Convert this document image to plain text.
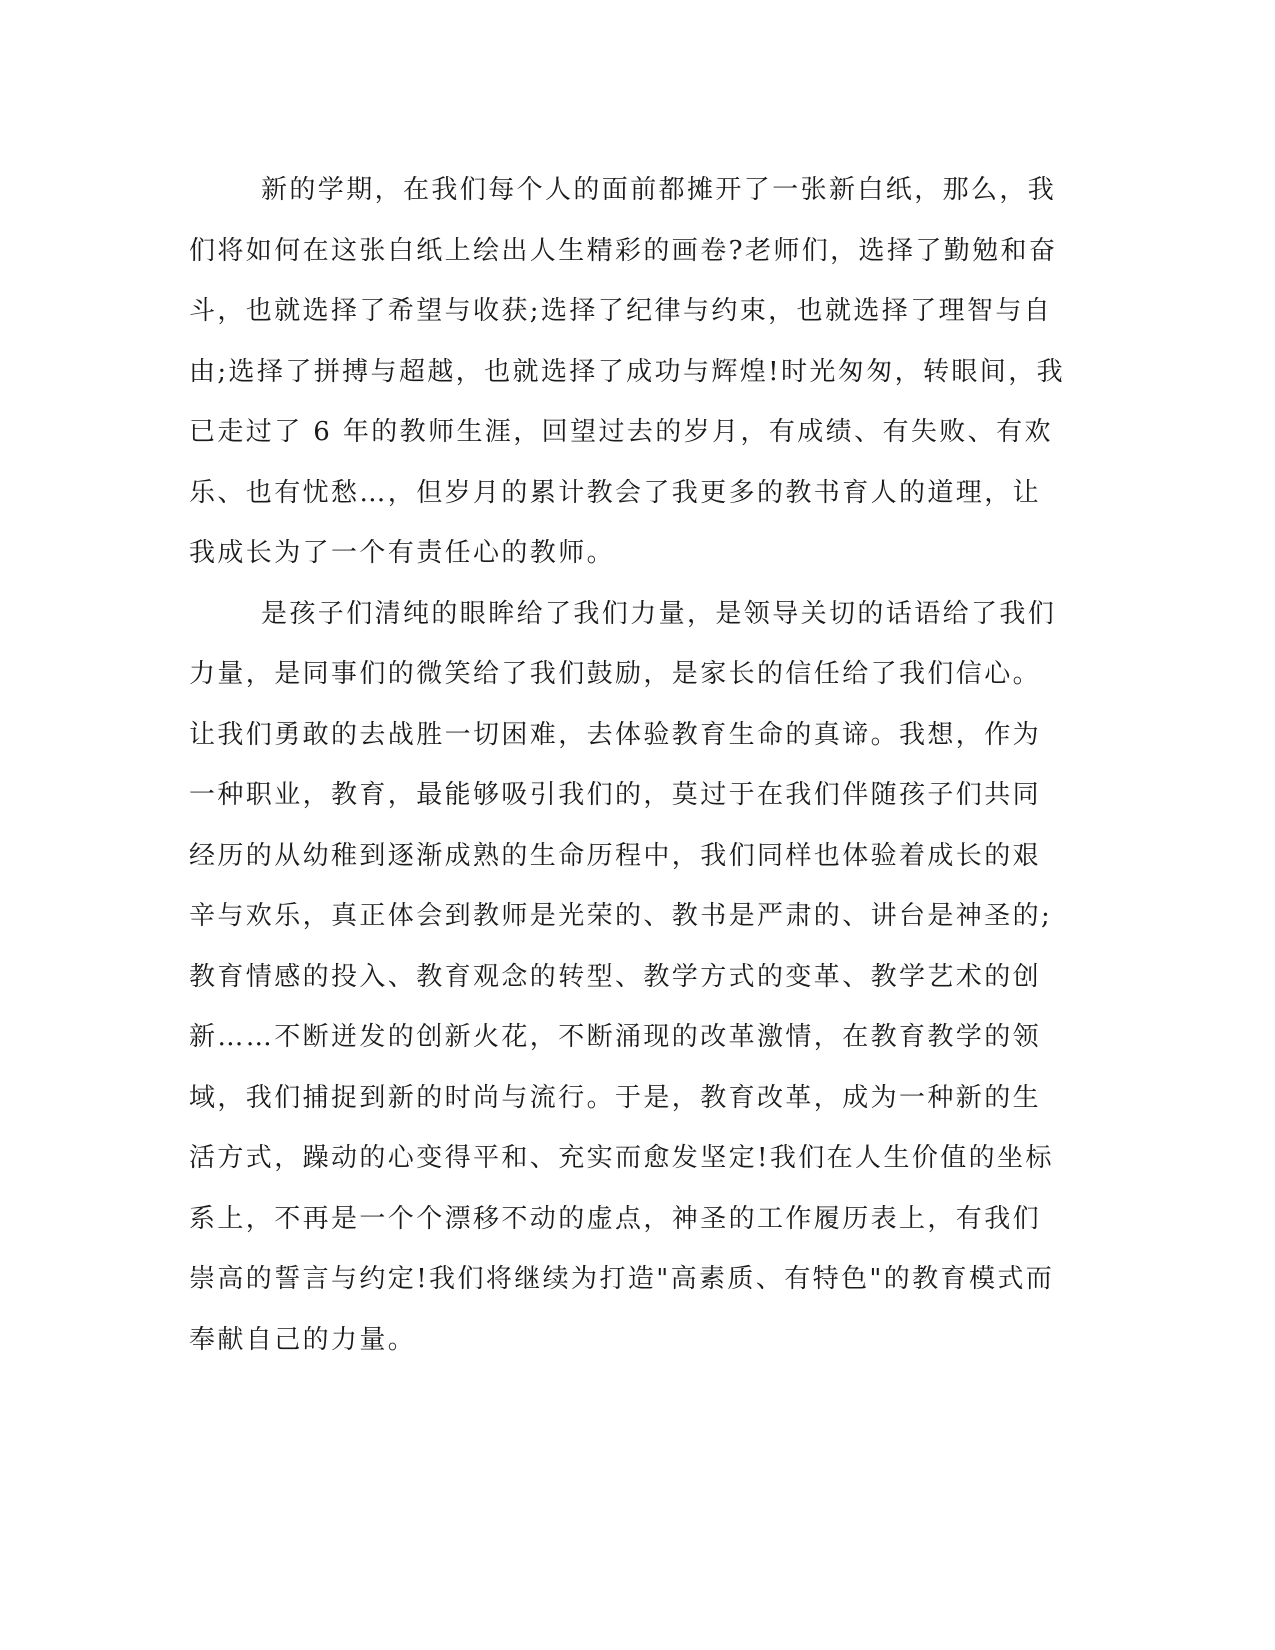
新的学期，在我们每个人的面前都摊开了一张新白纸，那么，我
们将如何在这张白纸上绘出人生精彩的画卷?老师们，选择了勤勉和奋
斗，也就选择了希望与收获;选择了纪律与约束，也就选择了理智与自
由;选择了拼搏与超越，也就选择了成功与辉煌!时光匆匆，转眼间，我
已走过了 6 年的教师生涯，回望过去的岁月，有成绩、有失败、有欢
乐、也有忧愁…，但岁月的累计教会了我更多的教书育人的道理，让
我成长为了一个有责任心的教师。
是孩子们清纯的眼眸给了我们力量，是领导关切的话语给了我们
力量，是同事们的微笑给了我们鼓励，是家长的信任给了我们信心。
让我们勇敢的去战胜一切困难，去体验教育生命的真谛。我想，作为
一种职业，教育，最能够吸引我们的，莫过于在我们伴随孩子们共同
经历的从幼稚到逐渐成熟的生命历程中，我们同样也体验着成长的艰
辛与欢乐，真正体会到教师是光荣的、教书是严肃的、讲台是神圣的;
教育情感的投入、教育观念的转型、教学方式的变革、教学艺术的创
新……不断迸发的创新火花，不断涌现的改革激情，在教育教学的领
域，我们捕捉到新的时尚与流行。于是，教育改革，成为一种新的生
活方式，躁动的心变得平和、充实而愈发坚定!我们在人生价值的坐标
系上，不再是一个个漂移不动的虚点，神圣的工作履历表上，有我们
崇高的誓言与约定!我们将继续为打造"高素质、有特色"的教育模式而
奉献自己的力量。
